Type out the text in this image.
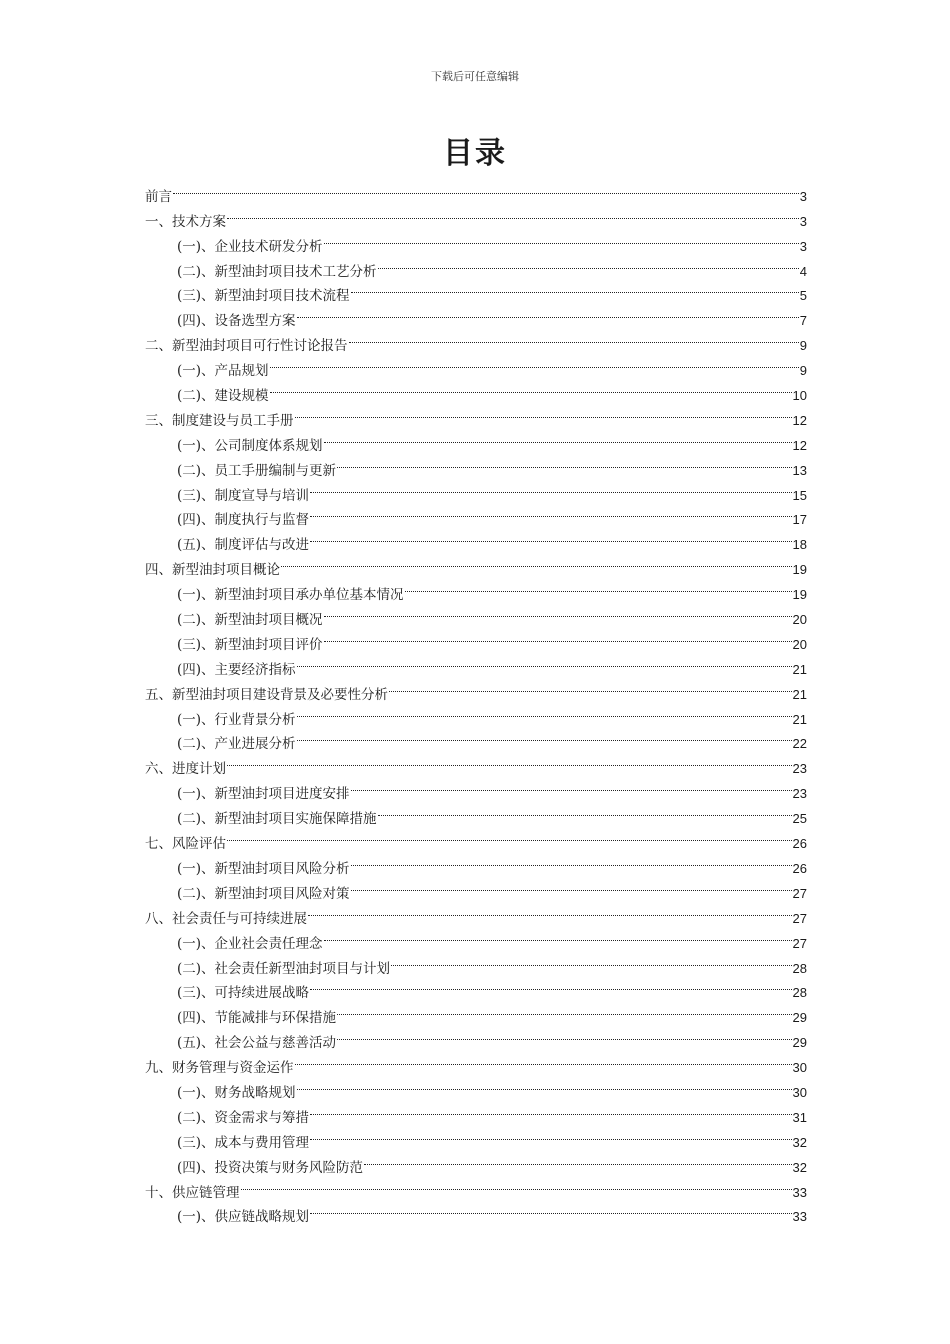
下载后可任意编辑
目录
前言	3
一、技术方案	3
(一)、企业技术研发分析	3
(二)、新型油封项目技术工艺分析	4
(三)、新型油封项目技术流程	5
(四)、设备选型方案	7
二、新型油封项目可行性讨论报告	9
(一)、产品规划	9
(二)、建设规模	10
三、制度建设与员工手册	12
(一)、公司制度体系规划	12
(二)、员工手册编制与更新	13
(三)、制度宣导与培训	15
(四)、制度执行与监督	17
(五)、制度评估与改进	18
四、新型油封项目概论	19
(一)、新型油封项目承办单位基本情况	19
(二)、新型油封项目概况	20
(三)、新型油封项目评价	20
(四)、主要经济指标	21
五、新型油封项目建设背景及必要性分析	21
(一)、行业背景分析	21
(二)、产业进展分析	22
六、进度计划	23
(一)、新型油封项目进度安排	23
(二)、新型油封项目实施保障措施	25
七、风险评估	26
(一)、新型油封项目风险分析	26
(二)、新型油封项目风险对策	27
八、社会责任与可持续进展	27
(一)、企业社会责任理念	27
(二)、社会责任新型油封项目与计划	28
(三)、可持续进展战略	28
(四)、节能减排与环保措施	29
(五)、社会公益与慈善活动	29
九、财务管理与资金运作	30
(一)、财务战略规划	30
(二)、资金需求与筹措	31
(三)、成本与费用管理	32
(四)、投资决策与财务风险防范	32
十、供应链管理	33
(一)、供应链战略规划	33
